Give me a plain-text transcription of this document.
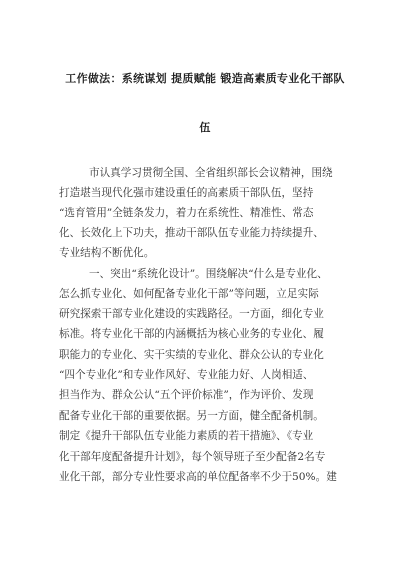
工作做法：系统谋划 提质赋能 锻造高素质专业化干部队
伍
市认真学习贯彻全国、全省组织部长会议精神，围绕
打造堪当现代化强市建设重任的高素质干部队伍，坚持
“选育管用”全链条发力，着力在系统性、精准性、常态
化、长效化上下功夫，推动干部队伍专业能力持续提升、
专业结构不断优化。
一、突出“系统化设计”。围绕解决“什么是专业化、
怎么抓专业化、如何配备专业化干部”等问题，立足实际
研究探索干部专业化建设的实践路径。一方面，细化专业
标准。将专业化干部的内涵概括为核心业务的专业化、履
职能力的专业化、实干实绩的专业化、群众公认的专业化
“四个专业化”和专业作风好、专业能力好、人岗相适、
担当作为、群众公认“五个评价标准”，作为评价、发现
配备专业化干部的重要依据。另一方面，健全配备机制。
制定《提升干部队伍专业能力素质的若干措施》、《专业
化干部年度配备提升计划》，每个领导班子至少配备2名专
业化干部，部分专业性要求高的单位配备率不少于50%。建
